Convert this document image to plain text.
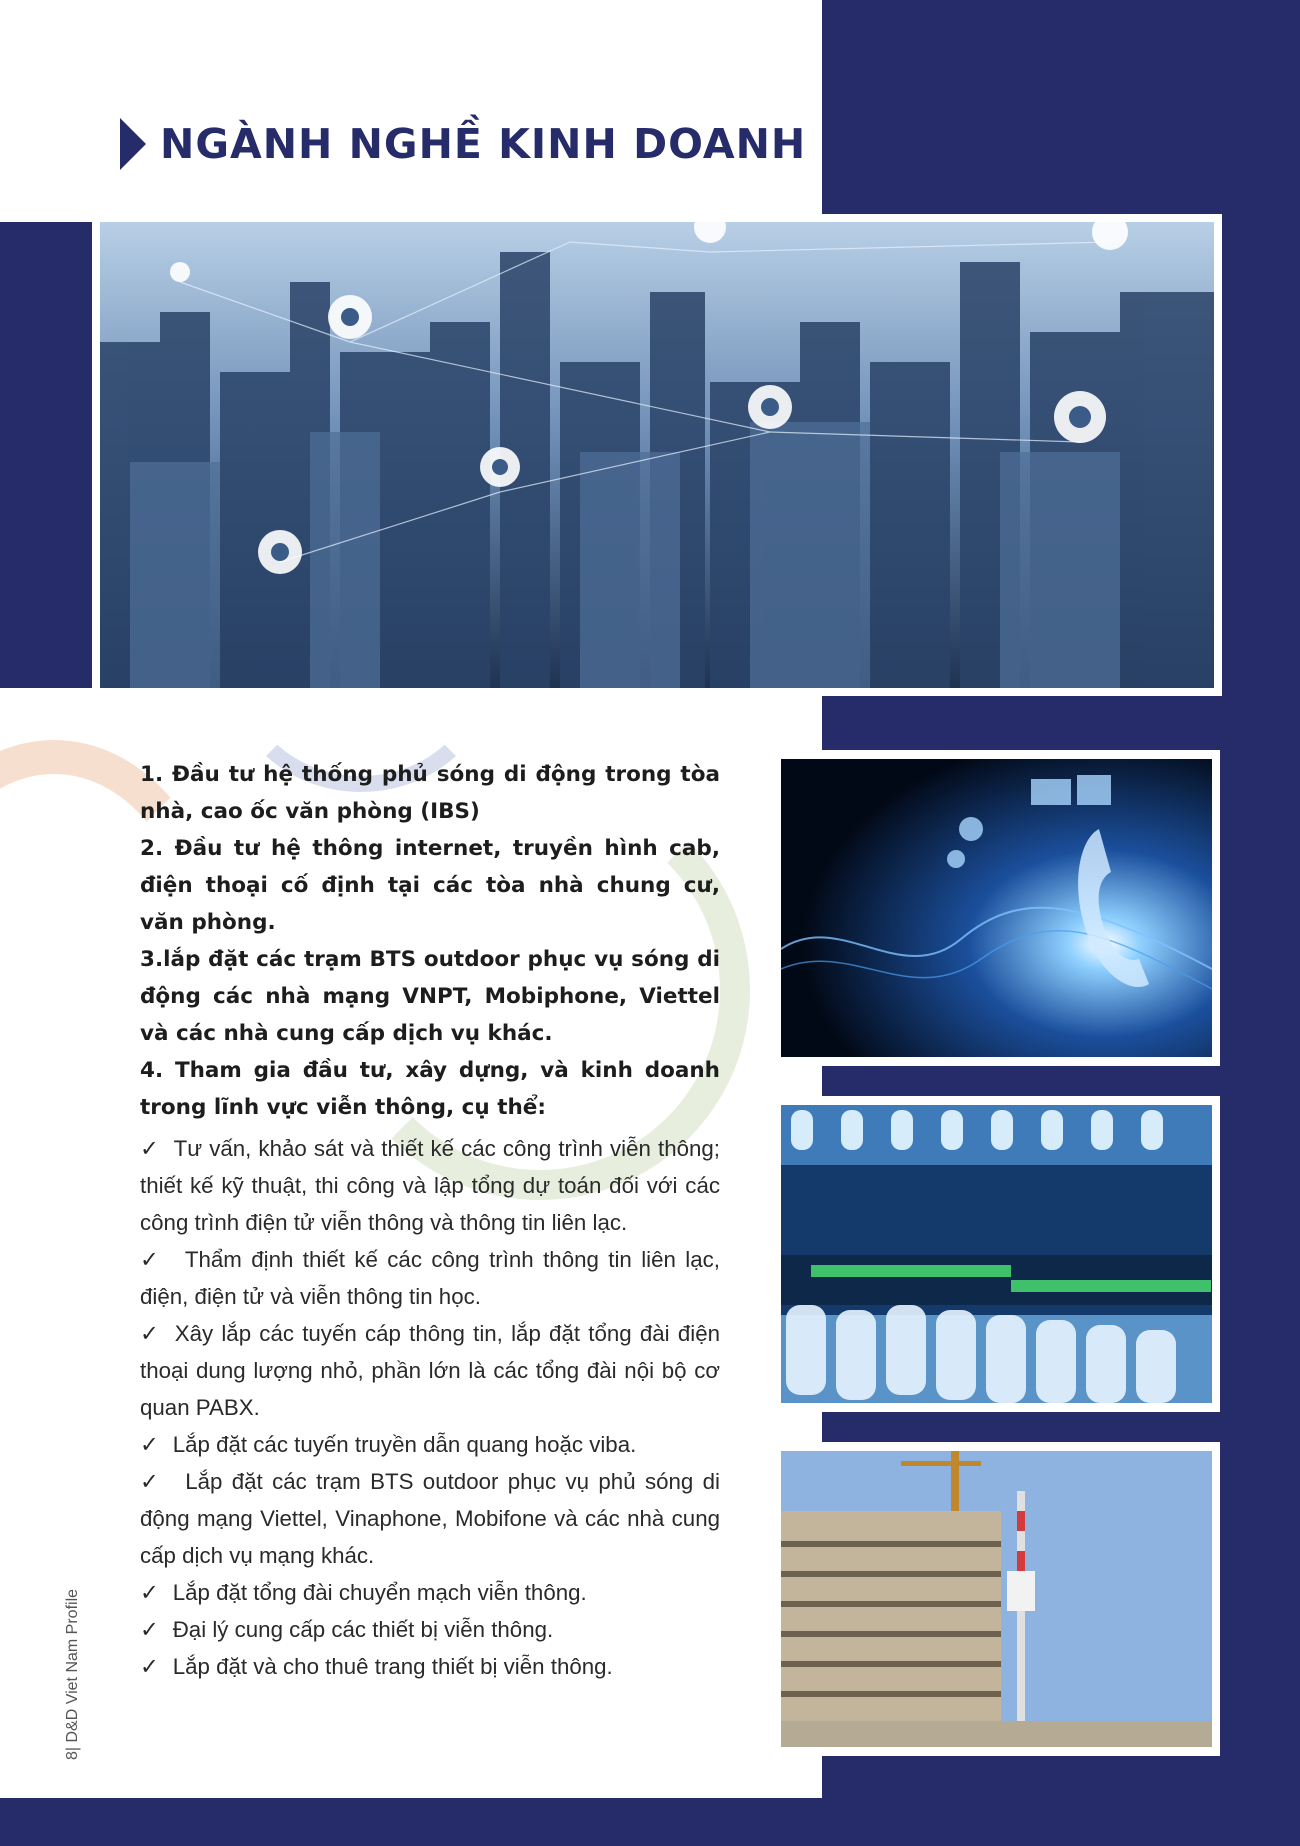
NGÀNH NGHỀ KINH DOANH

1. Đầu tư hệ thống phủ sóng di động trong tòa nhà, cao ốc văn phòng (IBS)

2. Đầu tư hệ thông internet, truyền hình cab, điện thoại cố định tại các tòa nhà chung cư, văn phòng.

3.lắp đặt các trạm BTS outdoor phục vụ sóng di động các nhà mạng VNPT, Mobiphone, Viettel và các nhà cung cấp dịch vụ khác.

4. Tham gia đầu tư, xây dựng, và kinh doanh trong lĩnh vực viễn thông, cụ thể:

✓ Tư vấn, khảo sát và thiết kế các công trình viễn thông; thiết kế kỹ thuật, thi công và lập tổng dự toán đối với các công trình điện tử viễn thông và thông tin liên lạc.

✓ Thẩm định thiết kế các công trình thông tin liên lạc, điện, điện tử và viễn thông tin học.

✓ Xây lắp các tuyến cáp thông tin, lắp đặt tổng đài điện thoại dung lượng nhỏ, phần lớn là các tổng đài nội bộ cơ quan PABX.

✓ Lắp đặt các tuyến truyền dẫn quang hoặc viba.

✓ Lắp đặt các trạm BTS outdoor phục vụ phủ sóng di động mạng Viettel, Vinaphone, Mobifone và các nhà cung cấp dịch vụ mạng khác.

✓ Lắp đặt tổng đài chuyển mạch viễn thông.

✓ Đại lý cung cấp các thiết bị viễn thông.

✓ Lắp đặt và cho thuê trang thiết bị viễn thông.

8| D&D Viet Nam Profile
